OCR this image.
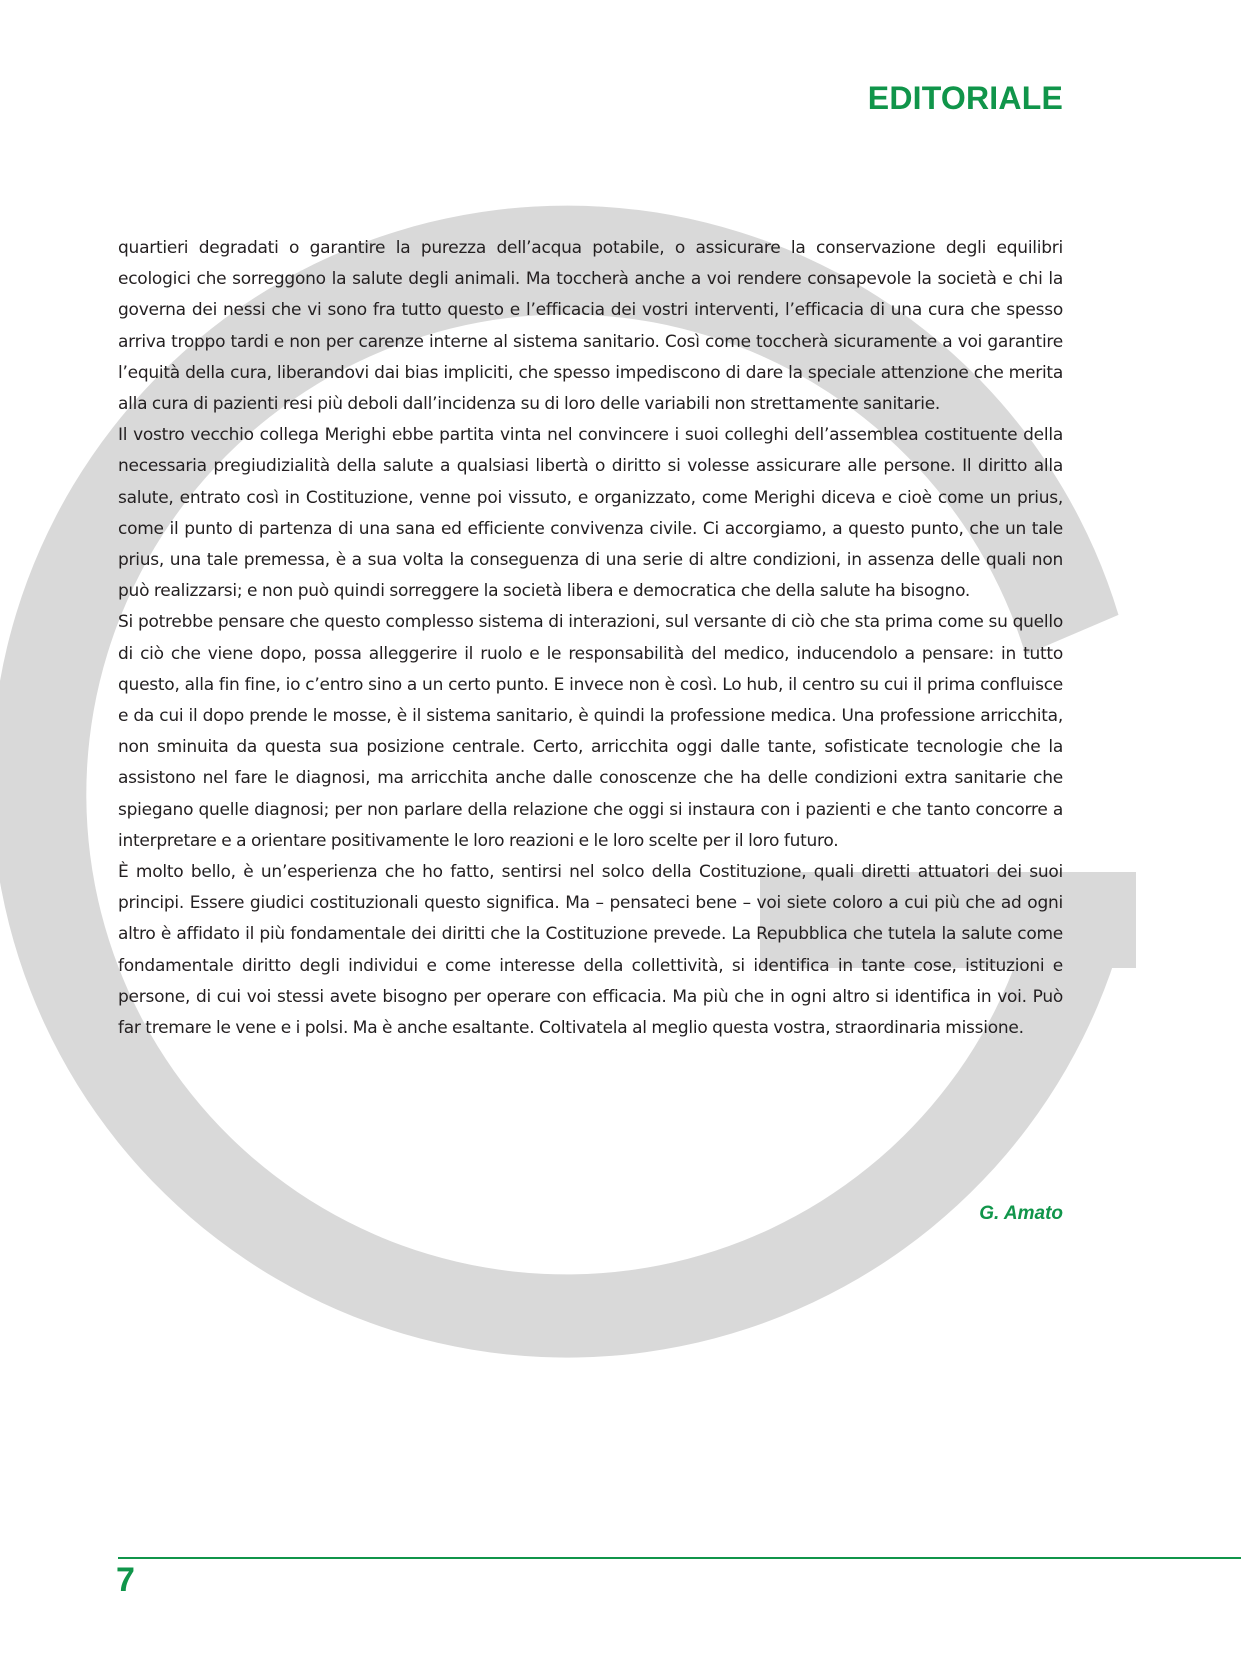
EDITORIALE

quartieri degradati o garantire la purezza dell’acqua potabile, o assicurare la conservazione degli equilibri ecologici che sorreggono la salute degli animali. Ma toccherà anche a voi rendere consapevole la società e chi la governa dei nessi che vi sono fra tutto questo e l’efficacia dei vostri interventi, l’efficacia di una cura che spesso arriva troppo tardi e non per carenze interne al sistema sanitario. Così come toccherà sicuramente a voi garantire l’equità della cura, liberandovi dai bias impliciti, che spesso impediscono di dare la speciale attenzione che merita alla cura di pazienti resi più deboli dall’incidenza su di loro delle variabili non strettamente sanitarie.

Il vostro vecchio collega Merighi ebbe partita vinta nel convincere i suoi colleghi dell’assemblea costituente della necessaria pregiudizialità della salute a qualsiasi libertà o diritto si volesse assicurare alle persone. Il diritto alla salute, entrato così in Costituzione, venne poi vissuto, e organizzato, come Merighi diceva e cioè come un prius, come il punto di partenza di una sana ed efficiente convivenza civile. Ci accorgiamo, a questo punto, che un tale prius, una tale premessa, è a sua volta la conseguenza di una serie di altre condizioni, in assenza delle quali non può realizzarsi; e non può quindi sorreggere la società libera e democratica che della salute ha bisogno.

Si potrebbe pensare che questo complesso sistema di interazioni, sul versante di ciò che sta prima come su quello di ciò che viene dopo, possa alleggerire il ruolo e le responsabilità del medico, inducendolo a pensare: in tutto questo, alla fin fine, io c’entro sino a un certo punto. E invece non è così. Lo hub, il centro su cui il prima confluisce e da cui il dopo prende le mosse, è il sistema sanitario, è quindi la professione medica. Una professione arricchita, non sminuita da questa sua posizione centrale. Certo, arricchita oggi dalle tante, sofisticate tecnologie che la assistono nel fare le diagnosi, ma arricchita anche dalle conoscenze che ha delle condizioni extra sanitarie che spiegano quelle diagnosi; per non parlare della relazione che oggi si instaura con i pazienti e che tanto concorre a interpretare e a orientare positivamente le loro reazioni e le loro scelte per il loro futuro.

È molto bello, è un’esperienza che ho fatto, sentirsi nel solco della Costituzione, quali diretti attuatori dei suoi principi. Essere giudici costituzionali questo significa. Ma – pensateci bene – voi siete coloro a cui più che ad ogni altro è affidato il più fondamentale dei diritti che la Costituzione prevede. La Repubblica che tutela la salute come fondamentale diritto degli individui e come interesse della collettività, si identifica in tante cose, istituzioni e persone, di cui voi stessi avete bisogno per operare con efficacia. Ma più che in ogni altro si identifica in voi. Può far tremare le vene e i polsi. Ma è anche esaltante. Coltivatela al meglio questa vostra, straordinaria missione.

G. Amato

7
